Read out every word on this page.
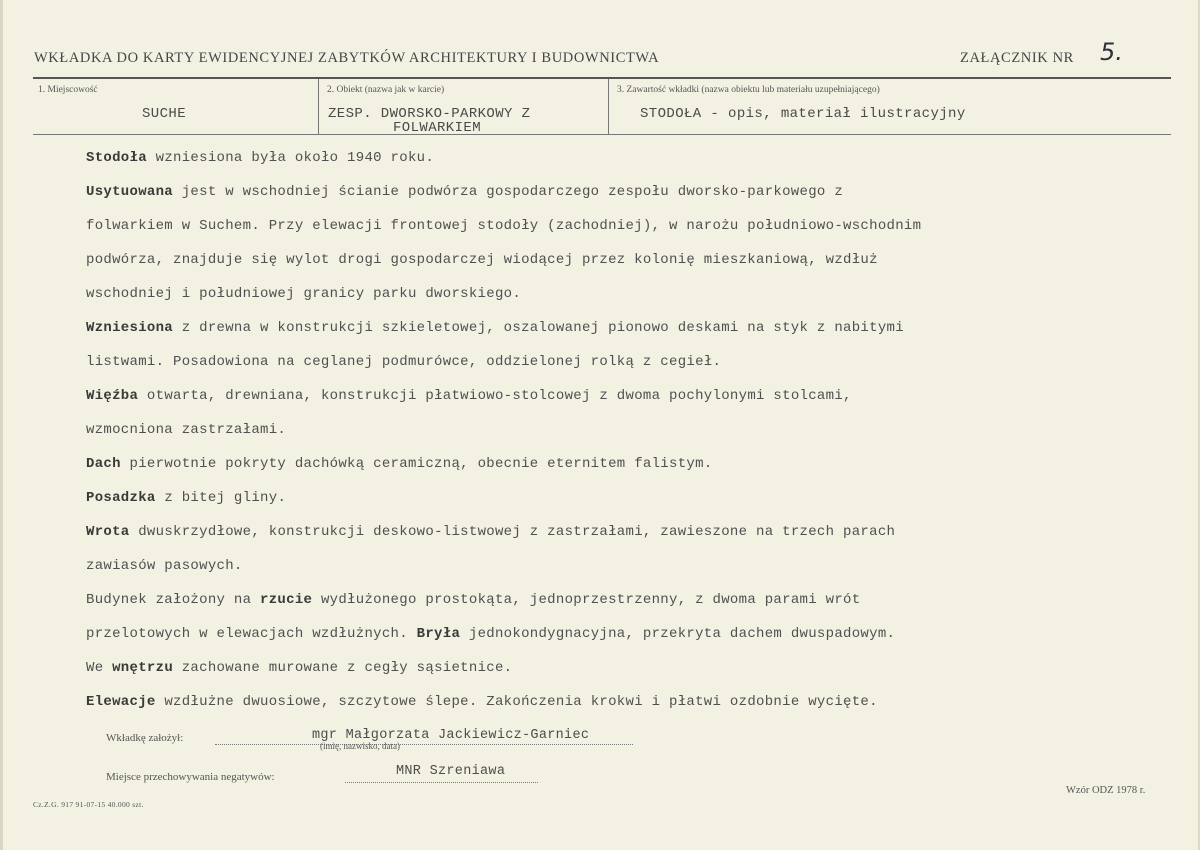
WKŁADKA DO KARTY EWIDENCYJNEJ ZABYTKÓW ARCHITEKTURY I BUDOWNICTWA	ZAŁĄCZNIK NR 5.
1. Miejscowość
SUCHE
2. Obiekt (nazwa jak w karcie)
ZESP. DWORSKO-PARKOWY Z
FOLWARKIEM
3. Zawartość wkładki (nazwa obiektu lub materiału uzupełniającego)
STODOŁA - opis, materiał ilustracyjny
Stodoła wzniesiona była około 1940 roku.
Usytuowana jest w wschodniej ścianie podwórza gospodarczego zespołu dworsko-parkowego z
folwarkiem w Suchem. Przy elewacji frontowej stodoły (zachodniej), w narożu południowo-wschodnim
podwórza, znajduje się wylot drogi gospodarczej wiodącej przez kolonię mieszkaniową, wzdłuż
wschodniej i południowej granicy parku dworskiego.
Wzniesiona z drewna w konstrukcji szkieletowej, oszalowanej pionowo deskami na styk z nabitymi
listwami. Posadowiona na ceglanej podmurówce, oddzielonej rolką z cegieł.
Więźba otwarta, drewniana, konstrukcji płatwiowo-stolcowej z dwoma pochylonymi stolcami,
wzmocniona zastrzałami.
Dach pierwotnie pokryty dachówką ceramiczną, obecnie eternitem falistym.
Posadzka z bitej gliny.
Wrota dwuskrzydłowe, konstrukcji deskowo-listwowej z zastrzałami, zawieszone na trzech parach
zawiasów pasowych.
Budynek założony na rzucie wydłużonego prostokąta, jednoprzestrzenny, z dwoma parami wrót
przelotowych w elewacjach wzdłużnych. Bryła jednokondygnacyjna, przekryta dachem dwuspadowym.
We wnętrzu zachowane murowane z cegły sąsietnice.
Elewacje wzdłużne dwuosiowe, szczytowe ślepe. Zakończenia krokwi i płatwi ozdobnie wycięte.
Wkładkę założył:	mgr Małgorzata Jackiewicz-Garniec
(imię, nazwisko, data)
Miejsce przechowywania negatywów:	MNR Szreniawa
Cz.Z.G. 917 91-07-15 40.000 szt.
Wzór ODZ 1978 r.
